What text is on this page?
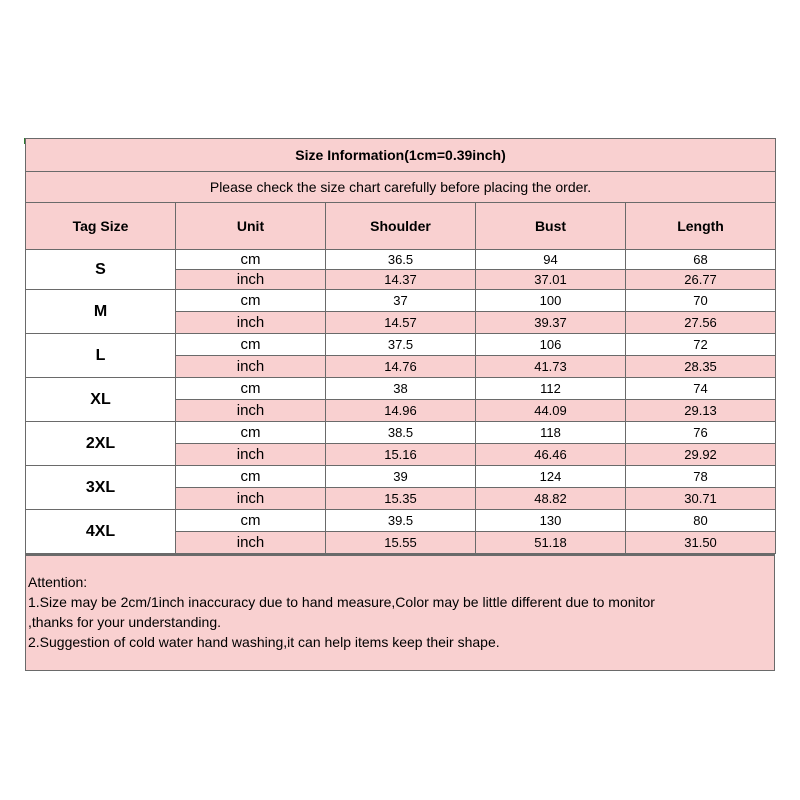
Size Information(1cm=0.39inch)				
Please check the size chart carefully before placing the order.				
Tag Size	Unit	Shoulder	Bust	Length
S	cm	36.5	94	68
	inch	14.37	37.01	26.77
M	cm	37	100	70
	inch	14.57	39.37	27.56
L	cm	37.5	106	72
	inch	14.76	41.73	28.35
XL	cm	38	112	74
	inch	14.96	44.09	29.13
2XL	cm	38.5	118	76
	inch	15.16	46.46	29.92
3XL	cm	39	124	78
	inch	15.35	48.82	30.71
4XL	cm	39.5	130	80
	inch	15.55	51.18	31.50
Attention:
1.Size may be 2cm/1inch inaccuracy due to hand measure,Color may be little different due to monitor
,thanks for your understanding.
2.Suggestion of cold water hand washing,it can help items keep their shape.
